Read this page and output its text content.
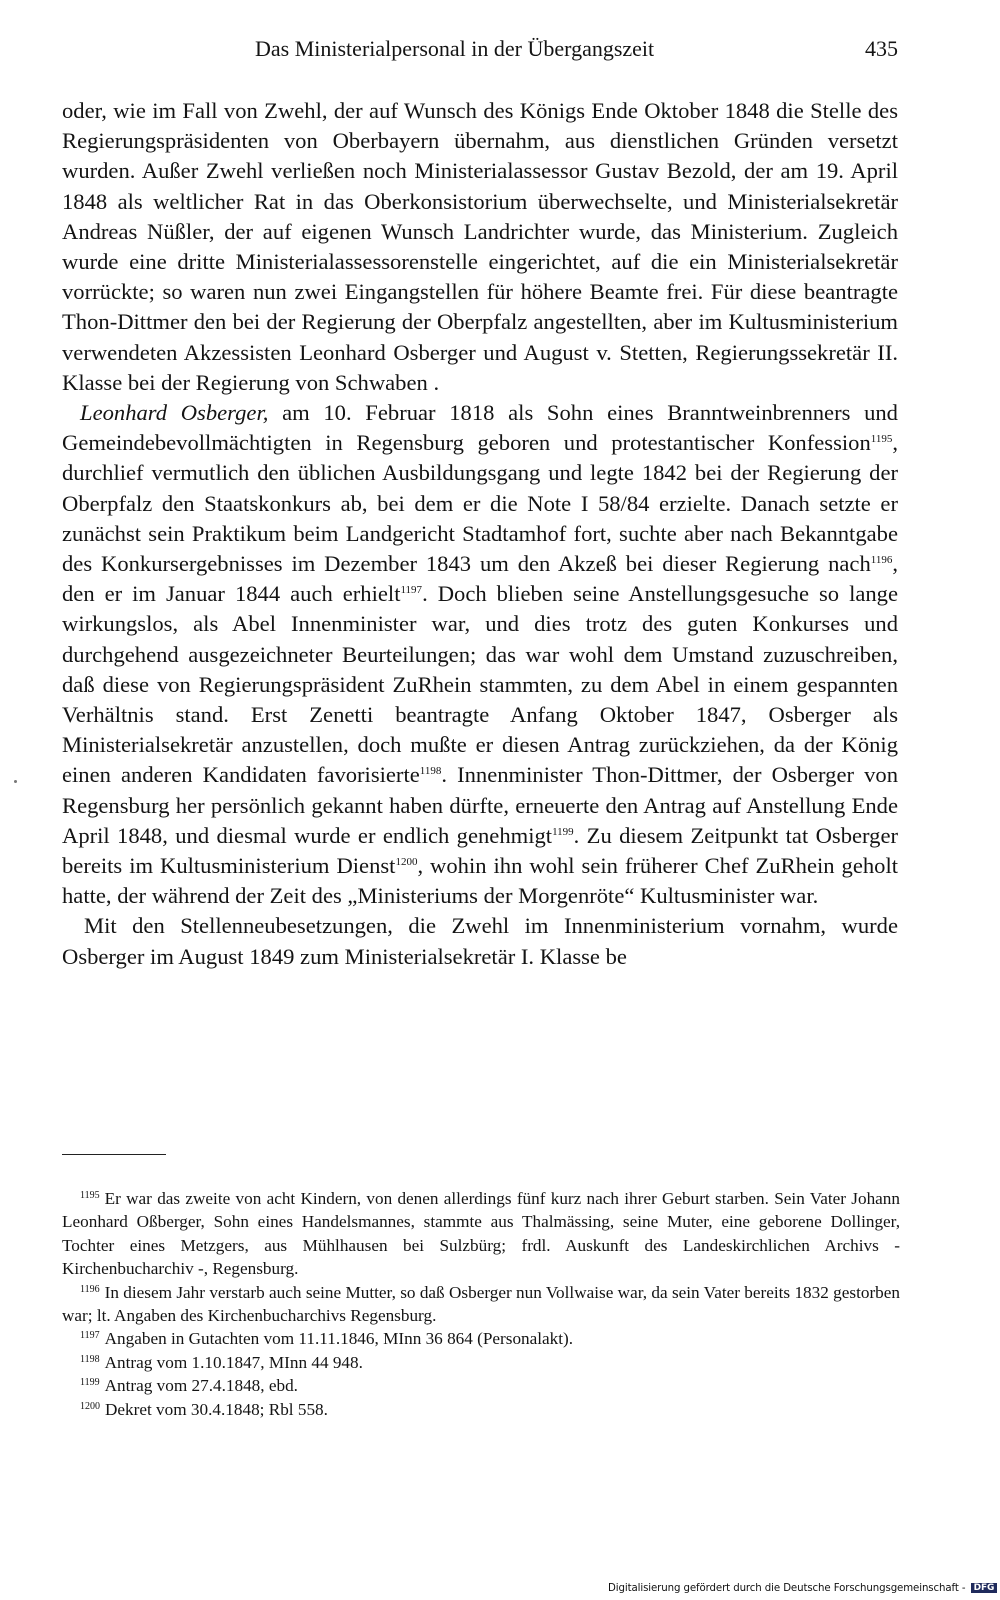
Das Ministerialpersonal in der Übergangszeit	435

oder, wie im Fall von Zwehl, der auf Wunsch des Königs Ende Oktober 1848 die Stelle des Regierungspräsidenten von Oberbayern übernahm, aus dienstlichen Gründen versetzt wurden. Außer Zwehl verließen noch Ministerialassessor Gustav Bezold, der am 19. April 1848 als weltlicher Rat in das Oberkonsistorium überwechselte, und Ministerialsekretär Andreas Nüßler, der auf eigenen Wunsch Landrichter wurde, das Ministerium. Zugleich wurde eine dritte Ministerialassessorenstelle eingerichtet, auf die ein Ministerialsekretär vorrückte; so waren nun zwei Eingangstellen für höhere Beamte frei. Für diese beantragte Thon-Dittmer den bei der Regierung der Oberpfalz angestellten, aber im Kultusministerium verwendeten Akzessisten Leonhard Osberger und August v. Stetten, Regierungssekretär II. Klasse bei der Regierung von Schwaben .

Leonhard Osberger, am 10. Februar 1818 als Sohn eines Branntweinbrenners und Gemeindebevollmächtigten in Regensburg geboren und protestantischer Konfession$^{1195}$, durchlief vermutlich den üblichen Ausbildungsgang und legte 1842 bei der Regierung der Oberpfalz den Staatskonkurs ab, bei dem er die Note I 58/84 erzielte. Danach setzte er zunächst sein Praktikum beim Landgericht Stadtamhof fort, suchte aber nach Bekanntgabe des Konkursergebnisses im Dezember 1843 um den Akzeß bei dieser Regierung nach$^{1196}$, den er im Januar 1844 auch erhielt$^{1197}$. Doch blieben seine Anstellungsgesuche so lange wirkungslos, als Abel Innenminister war, und dies trotz des guten Konkurses und durchgehend ausgezeichneter Beurteilungen; das war wohl dem Umstand zuzuschreiben, daß diese von Regierungspräsident ZuRhein stammten, zu dem Abel in einem gespannten Verhältnis stand. Erst Zenetti beantragte Anfang Oktober 1847, Osberger als Ministerialsekretär anzustellen, doch mußte er diesen Antrag zurückziehen, da der König einen anderen Kandidaten favorisierte$^{1198}$. Innenminister Thon-Dittmer, der Osberger von Regensburg her persönlich gekannt haben dürfte, erneuerte den Antrag auf Anstellung Ende April 1848, und diesmal wurde er endlich genehmigt$^{1199}$. Zu diesem Zeitpunkt tat Osberger bereits im Kultusministerium Dienst$^{1200}$, wohin ihn wohl sein früherer Chef ZuRhein geholt hatte, der während der Zeit des „Ministeriums der Morgenröte“ Kultusminister war.

Mit den Stellenneubesetzungen, die Zwehl im Innenministerium vornahm, wurde Osberger im August 1849 zum Ministerialsekretär I. Klasse be

$^{1195}$ Er war das zweite von acht Kindern, von denen allerdings fünf kurz nach ihrer Geburt starben. Sein Vater Johann Leonhard Oßberger, Sohn eines Handelsmannes, stammte aus Thalmässing, seine Muter, eine geborene Dollinger, Tochter eines Metzgers, aus Mühlhausen bei Sulzbürg; frdl. Auskunft des Landeskirchlichen Archivs - Kirchenbucharchiv -, Regensburg.

$^{1196}$ In diesem Jahr verstarb auch seine Mutter, so daß Osberger nun Vollwaise war, da sein Vater bereits 1832 gestorben war; lt. Angaben des Kirchenbucharchivs Regensburg.

$^{1197}$ Angaben in Gutachten vom 11.11.1846, MInn 36 864 (Personalakt).

$^{1198}$ Antrag vom 1.10.1847, MInn 44 948.

$^{1199}$ Antrag vom 27.4.1848, ebd.

$^{1200}$ Dekret vom 30.4.1848; Rbl 558.

Digitalisierung gefördert durch die Deutsche Forschungsgemeinschaft - DFG
